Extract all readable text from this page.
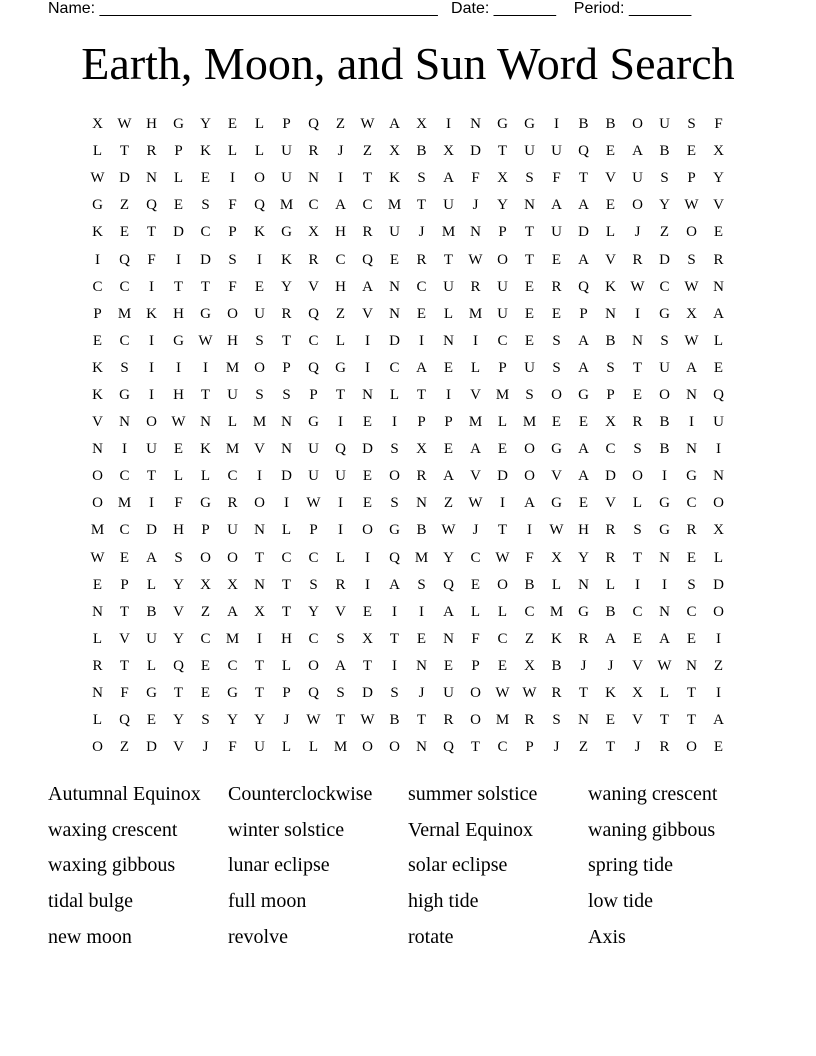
Name: ______________________________________   Date: _______    Period: _______
Earth, Moon, and Sun Word Search
X W H	G	Y	E	L	P	Q	Z	W A	X	I	N	G	G	I	B	B	O	U	S	F
L	T	R	P	K	L	L	U	R	J	Z	X	B	X	D	T	U	U	Q	E	A	B	E	X
W D	N	L	E	I	O	U	N	I	T	K	S	A	F	X	S	F	T	V	U	S	P	Y
G	Z	Q	E	S	F	Q M	C	A	C	M	T	U	J	Y	N	A	A	E	O	Y W V
K	E	T	D	C	P	K	G	X	H	R	U	J	M N	P	T	U	D	L	J	Z	O	E
I	Q	F	I	D	S	I	K	R	C	Q	E	R	T	W O	T	E	A	V	R	D	S	R
C	C	I	T	T	F	E	Y	V	H	A	N	C	U	R	U	E	R	Q	K W C W N
P	M K	H	G	O	U	R	Q	Z	V	N	E	L	M U	E	E	P	N	I	G	X	A
E	C	I	G W H	S	T	C	L	I	D	I	N	I	C	E	S	A	B	N	S	W	L
K	S	I	I	I	M O	P	Q	G	I	C	A	E	L	P	U	S	A	S	T	U	A	E
K	G	I	H	T	U	S	S	P	T	N	L	T	I	V M	S	O	G	P	E	O	N	Q
V	N	O W N	L	M N	G	I	E	I	P	P	M	L	M	E	E	X	R	B	I	U
N	I	U	E	K M V	N	U	Q	D	S	X	E	A	E	O	G	A	C	S	B	N	I
O	C	T	L	L	C	I	D	U	U	E	O	R	A	V	D	O	V	A	D	O	I	G	N
O M	I	F	G	R	O	I	W	I	E	S	N	Z	W	I	A	G	E	V	L	G	C	O
M	C	D	H	P	U	N	L	P	I	O	G	B W	J	T	I	W H	R	S	G	R	X
W	E	A	S	O	O	T	C	C	L	I	Q M Y	C W	F	X	Y	R	T	N	E	L
E	P	L	Y	X	X	N	T	S	R	I	A	S	Q	E	O	B	L	N	L	I	I	S	D
N	T	B	V	Z	A	X	T	Y	V	E	I	I	A	L	L	C	M G	B	C	N	C	O
L	V	U	Y	C	M	I	H	C	S	X	T	E	N	F	C	Z	K	R	A	E	A	E	I
R	T	L	Q	E	C	T	L	O	A	T	I	N	E	P	E	X	B	J	J	V W N	Z
N	F	G	T	E	G	T	P	Q	S	D	S	J	U	O W W R	T	K	X	L	T	I
L	Q	E	Y	S	Y	Y	J	W	T	W B	T	R	O M	R	S	N	E	V	T	T	A
O	Z	D	V	J	F	U	L	L	M O	O	N	Q	T	C	P	J	Z	T	J	R	O	E
Autumnal Equinox	Counterclockwise	summer solstice	waning crescent
waxing crescent	winter solstice	Vernal Equinox	waning gibbous
waxing gibbous	lunar eclipse	solar eclipse	spring tide
tidal bulge	full moon	high tide	low tide
new moon	revolve	rotate	Axis
